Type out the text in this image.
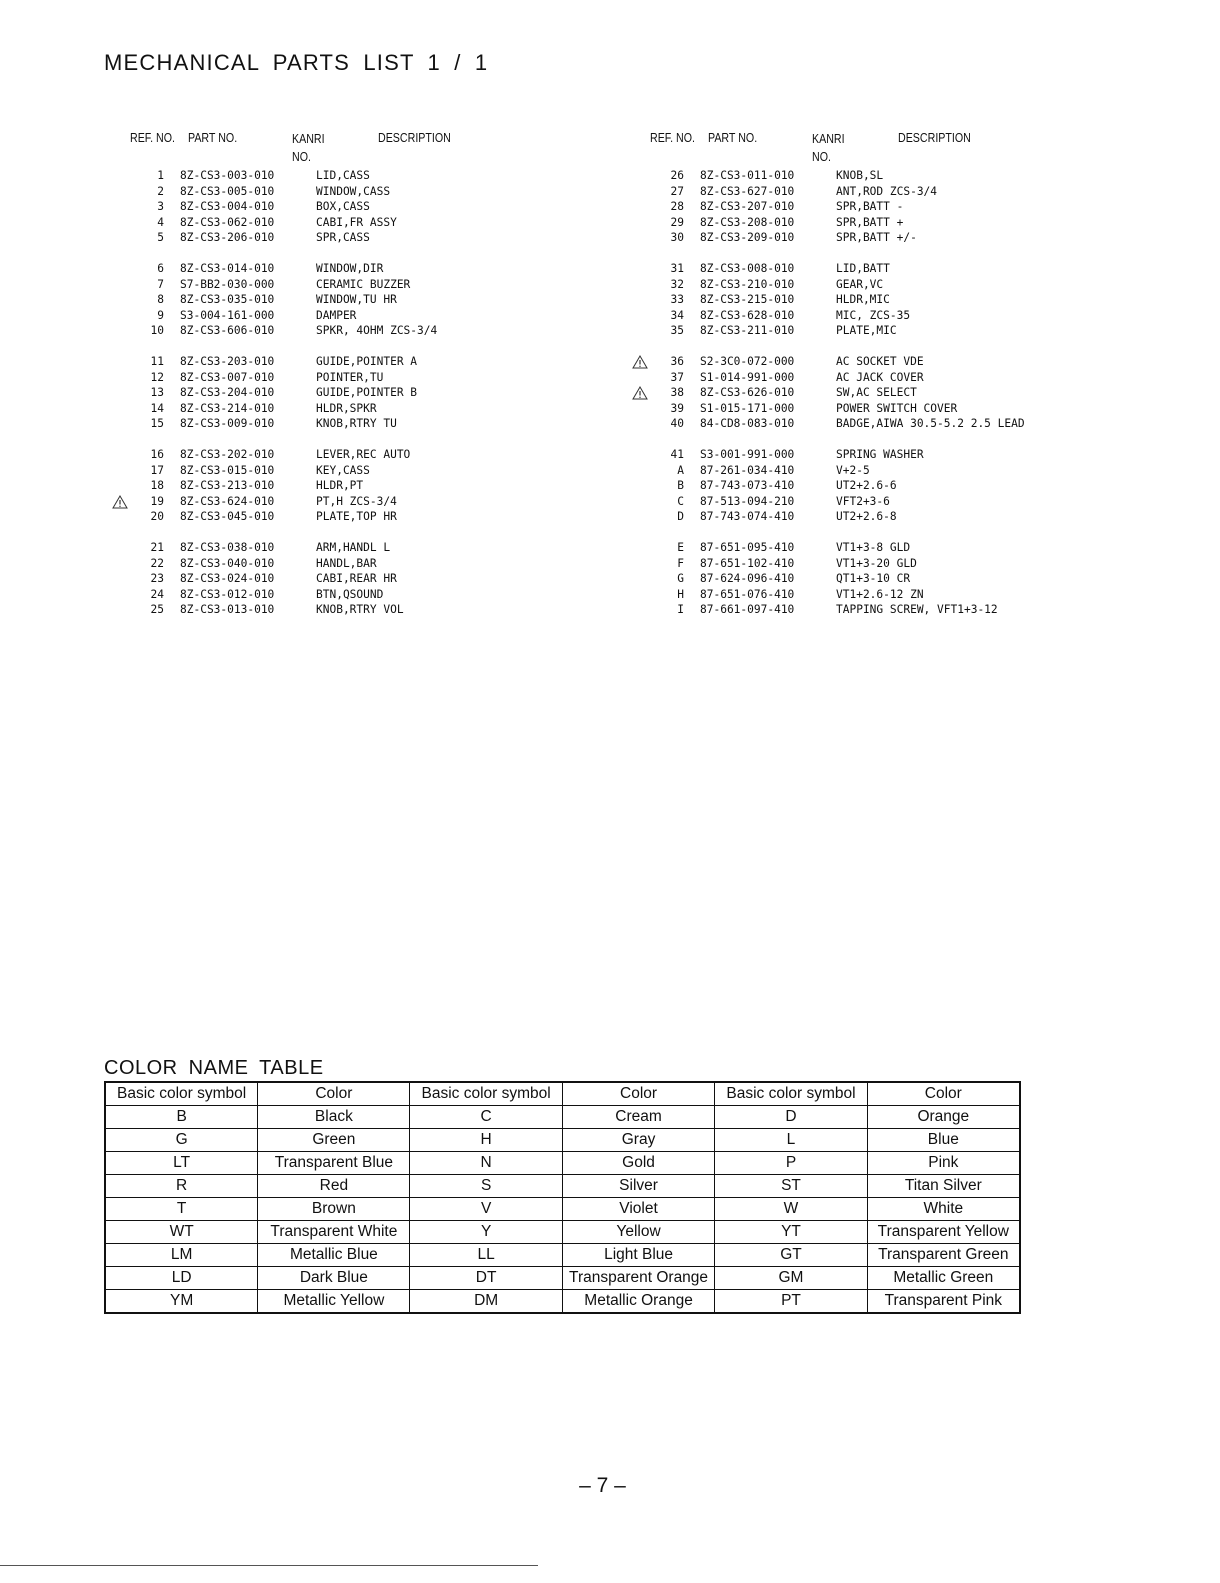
MECHANICAL PARTS LIST 1 / 1
REF. NO. PART NO.	KANRI
NO.
DESCRIPTION
1 8Z-CS3-003-010	LID,CASS
2 8Z-CS3-005-010	WINDOW,CASS
3 8Z-CS3-004-010	BOX,CASS
4 8Z-CS3-062-010	CABI,FR ASSY
5 8Z-CS3-206-010	SPR,CASS
6 8Z-CS3-014-010	WINDOW,DIR
7 S7-BB2-030-000	CERAMIC BUZZER
8 8Z-CS3-035-010	WINDOW,TU HR
9 S3-004-161-000	DAMPER
10 8Z-CS3-606-010	SPKR, 4OHM ZCS-3/4
11 8Z-CS3-203-010	GUIDE,POINTER A
12 8Z-CS3-007-010	POINTER,TU
13 8Z-CS3-204-010	GUIDE,POINTER B
14 8Z-CS3-214-010	HLDR,SPKR
15 8Z-CS3-009-010	KNOB,RTRY TU
16 8Z-CS3-202-010	LEVER,REC AUTO
17 8Z-CS3-015-010	KEY,CASS
18 8Z-CS3-213-010	HLDR,PT
19 8Z-CS3-624-010	PT,H ZCS-3/4
20 8Z-CS3-045-010	PLATE,TOP HR
21 8Z-CS3-038-010	ARM,HANDL L
22 8Z-CS3-040-010	HANDL,BAR
23 8Z-CS3-024-010	CABI,REAR HR
24 8Z-CS3-012-010	BTN,QSOUND
25 8Z-CS3-013-010	KNOB,RTRY VOL
REF. NO. PART NO.	KANRI
NO.
DESCRIPTION
26 8Z-CS3-011-010	KNOB,SL
27 8Z-CS3-627-010	ANT,ROD ZCS-3/4
28 8Z-CS3-207-010	SPR,BATT -
29 8Z-CS3-208-010	SPR,BATT +
30 8Z-CS3-209-010	SPR,BATT +/-
31 8Z-CS3-008-010	LID,BATT
32 8Z-CS3-210-010	GEAR,VC
33 8Z-CS3-215-010	HLDR,MIC
34 8Z-CS3-628-010	MIC, ZCS-35
35 8Z-CS3-211-010	PLATE,MIC
36 S2-3C0-072-000	AC SOCKET VDE
37 S1-014-991-000	AC JACK COVER
38 8Z-CS3-626-010	SW,AC SELECT
39 S1-015-171-000	POWER SWITCH COVER
40 84-CD8-083-010	BADGE,AIWA 30.5-5.2 2.5 LEAD
41 S3-001-991-000	SPRING WASHER
A 87-261-034-410	V+2-5
B 87-743-073-410	UT2+2.6-6
C 87-513-094-210	VFT2+3-6
D 87-743-074-410	UT2+2.6-8
E 87-651-095-410	VT1+3-8 GLD
F 87-651-102-410	VT1+3-20 GLD
G 87-624-096-410	QT1+3-10 CR
H 87-651-076-410	VT1+2.6-12 ZN
I 87-661-097-410	TAPPING SCREW, VFT1+3-12
COLOR NAME TABLE
Basic color symbol	Color	Basic color symbol	Color	Basic color symbol	Color
B	Black	C	Cream	D	Orange
G	Green	H	Gray	L	Blue
LT	Transparent Blue	N	Gold	P	Pink
R	Red	S	Silver	ST	Titan Silver
T	Brown	V	Violet	W	White
WT	Transparent White	Y	Yellow	YT	Transparent Yellow
LM	Metallic Blue	LL	Light Blue	GT	Transparent Green
LD	Dark Blue	DT	Transparent Orange	GM	Metallic Green
YM	Metallic Yellow	DM	Metallic Orange	PT	Transparent Pink
– 7 –
